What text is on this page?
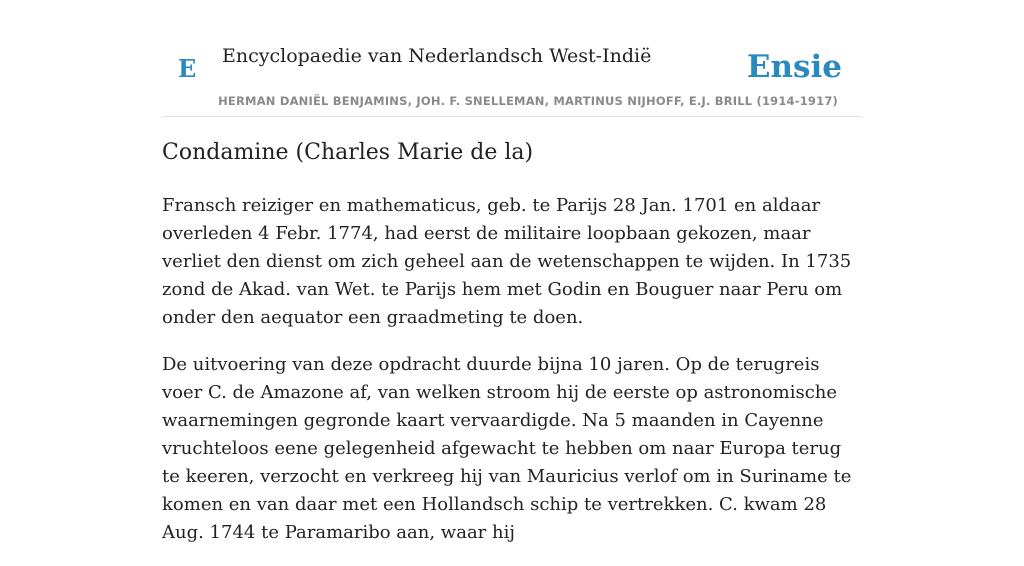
E Encyclopaedie van Nederlandsch West-Indië	Ensie
HERMAN DANIËL BENJAMINS, JOH. F. SNELLEMAN, MARTINUS NIJHOFF, E.J. BRILL (1914-1917)
Condamine (Charles Marie de la)

Fransch reiziger en mathematicus, geb. te Parijs 28 Jan. 1701 en aldaar overleden 4 Febr. 1774, had eerst de militaire loopbaan gekozen, maar verliet den dienst om zich geheel aan de wetenschappen te wijden. In 1735 zond de Akad. van Wet. te Parijs hem met Godin en Bouguer naar Peru om onder den aequator een graadmeting te doen.

De uitvoering van deze opdracht duurde bijna 10 jaren. Op de terugreis voer C. de Amazone af, van welken stroom hij de eerste op astronomische waarnemingen gegronde kaart vervaardigde. Na 5 maanden in Cayenne vruchteloos eene gelegenheid afgewacht te hebben om naar Europa terug te keeren, verzocht en verkreeg hij van Mauricius verlof om in Suriname te komen en van daar met een Hollandsch schip te vertrekken. C. kwam 28 Aug. 1744 te Paramaribo aan, waar hij
